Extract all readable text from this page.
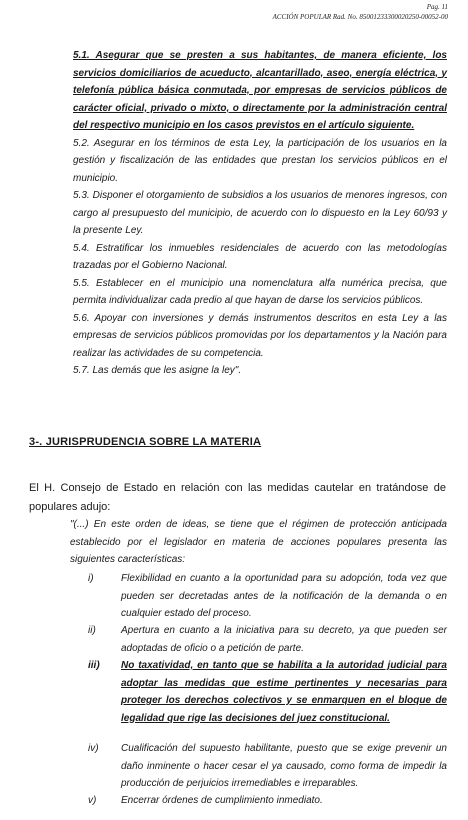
Pag. 11
ACCIÓN POPULAR Rad. No. 85001233300020250-00052-00

5.1. Asegurar que se presten a sus habitantes, de manera eficiente, los servicios domiciliarios de acueducto, alcantarillado, aseo, energía eléctrica, y telefonía pública básica conmutada, por empresas de servicios públicos de carácter oficial, privado o mixto, o directamente por la administración central del respectivo municipio en los casos previstos en el artículo siguiente.

5.2. Asegurar en los términos de esta Ley, la participación de los usuarios en la gestión y fiscalización de las entidades que prestan los servicios públicos en el municipio.

5.3. Disponer el otorgamiento de subsidios a los usuarios de menores ingresos, con cargo al presupuesto del municipio, de acuerdo con lo dispuesto en la Ley 60/93 y la presente Ley.

5.4. Estratificar los inmuebles residenciales de acuerdo con las metodologías trazadas por el Gobierno Nacional.

5.5. Establecer en el municipio una nomenclatura alfa numérica precisa, que permita individualizar cada predio al que hayan de darse los servicios públicos.

5.6. Apoyar con inversiones y demás instrumentos descritos en esta Ley a las empresas de servicios públicos promovidas por los departamentos y la Nación para realizar las actividades de su competencia.

5.7. Las demás que les asigne la ley".

3-. JURISPRUDENCIA SOBRE LA MATERIA
El H. Consejo de Estado en relación con las medidas cautelar en tratándose de populares adujo:

"(...) En este orden de ideas, se tiene que el régimen de protección anticipada establecido por el legislador en materia de acciones populares presenta las siguientes características:

i)	Flexibilidad en cuanto a la oportunidad para su adopción, toda vez que pueden ser decretadas antes de la notificación de la demanda o en cualquier estado del proceso.
ii)	Apertura en cuanto a la iniciativa para su decreto, ya que pueden ser adoptadas de oficio o a petición de parte.
iii)	No taxatividad, en tanto que se habilita a la autoridad judicial para adoptar las medidas que estime pertinentes y necesarias para proteger los derechos colectivos y se enmarquen en el bloque de legalidad que rige las decisiones del juez constitucional.
iv)	Cualificación del supuesto habilitante, puesto que se exige prevenir un daño inminente o hacer cesar el ya causado, como forma de impedir la producción de perjuicios irremediables e irreparables.
v)	Encerrar órdenes de cumplimiento inmediato.
